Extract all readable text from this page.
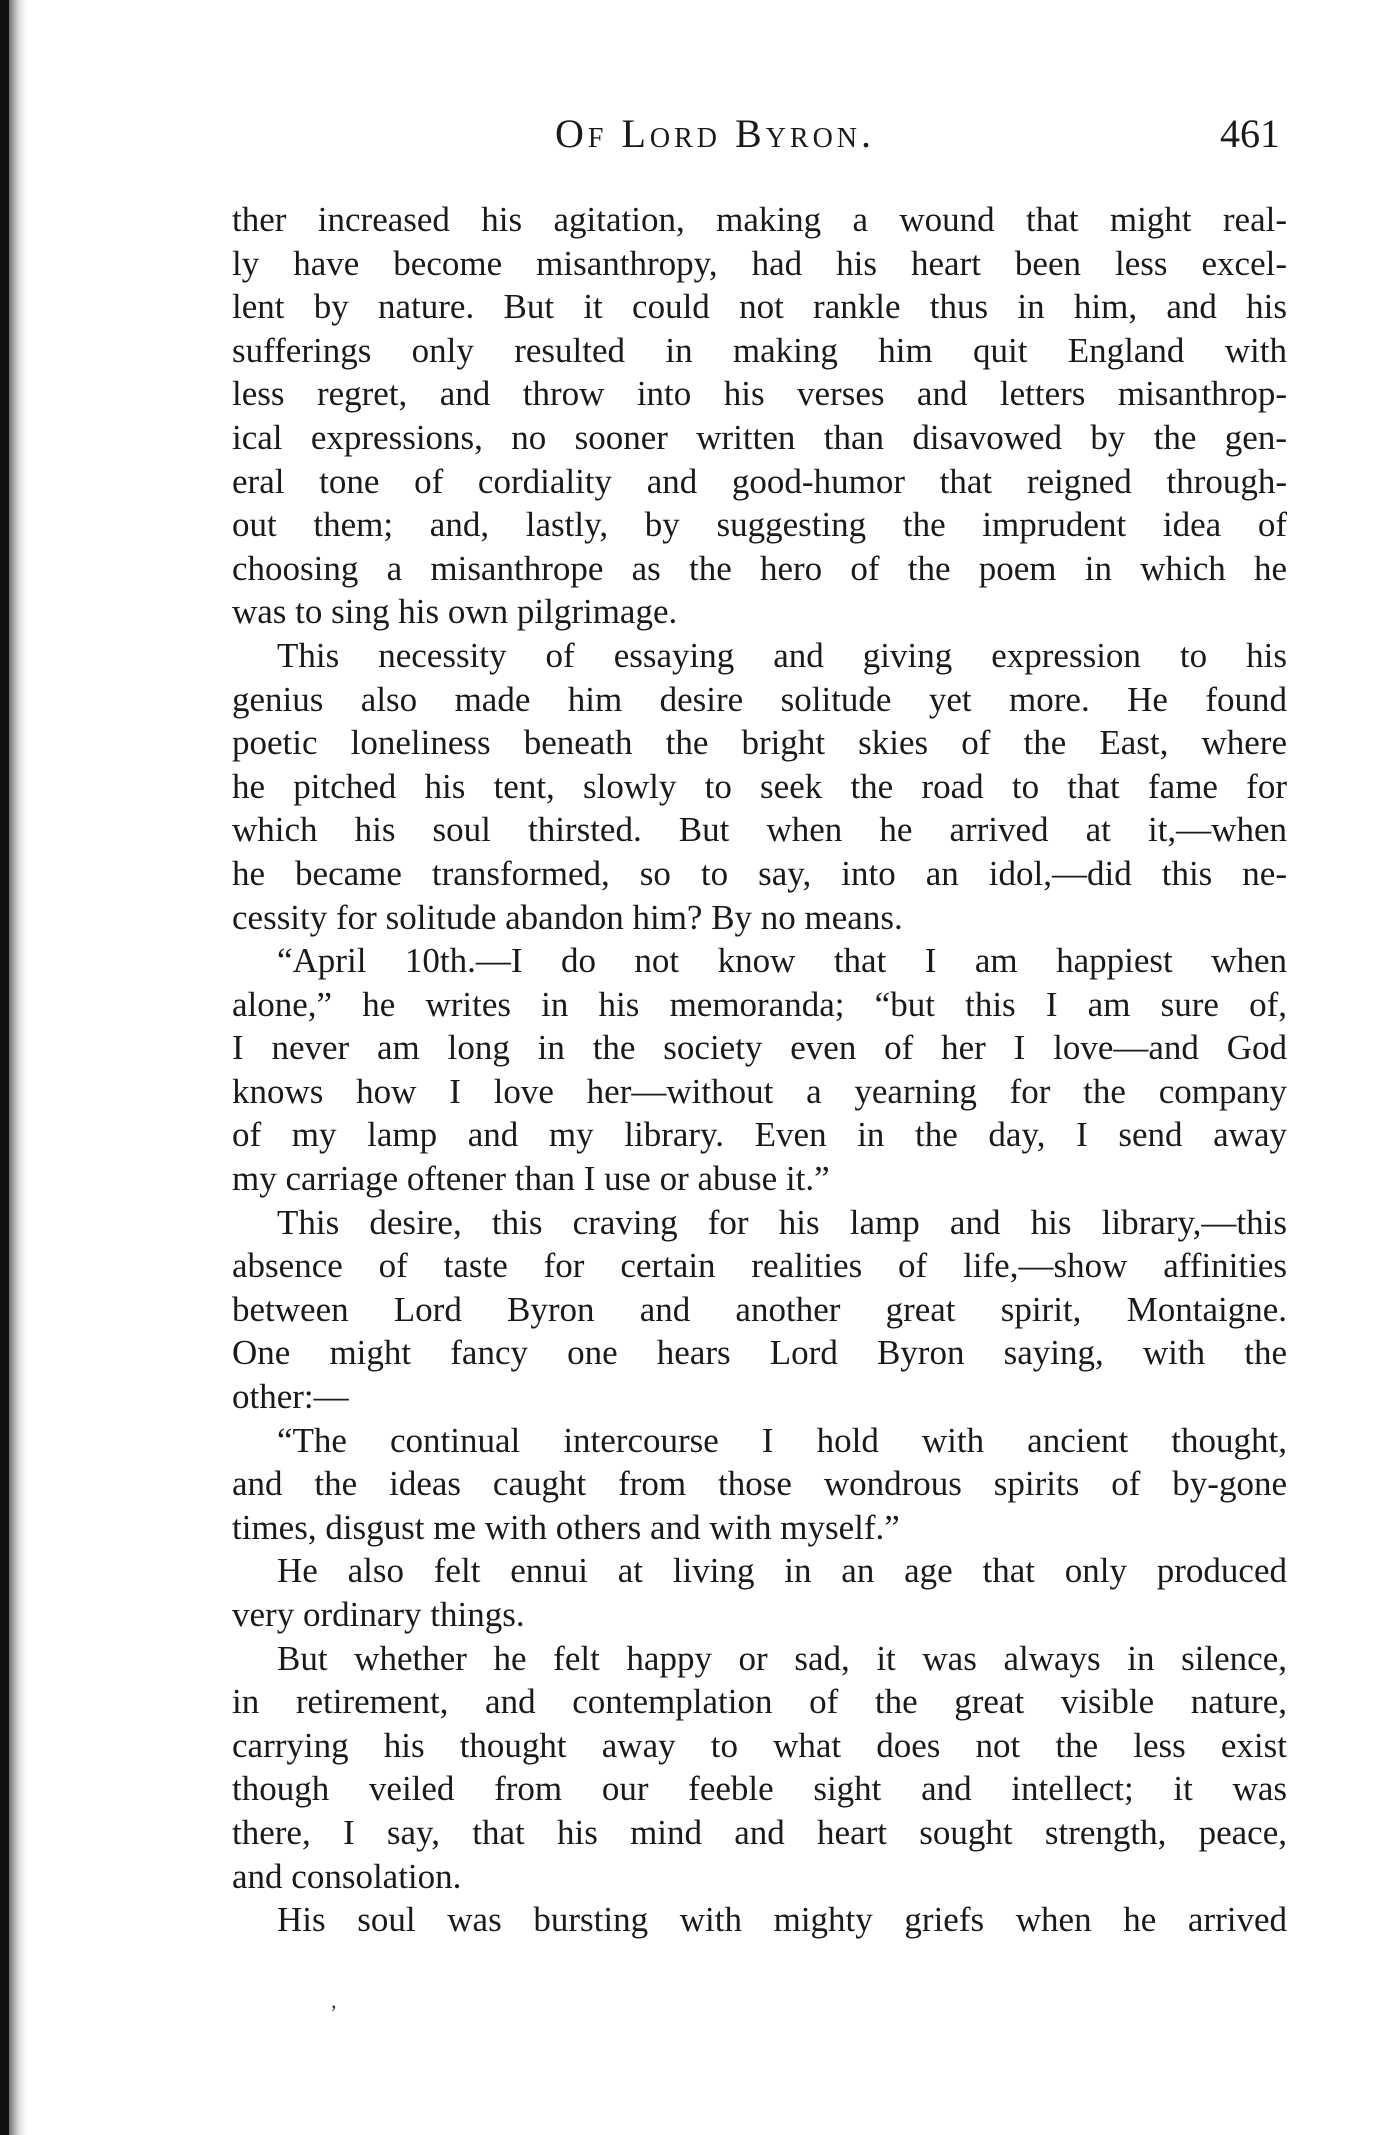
Of Lord Byron.	461
ther increased his agitation, making a wound that might real-
ly have become misanthropy, had his heart been less excel-
lent by nature. But it could not rankle thus in him, and his
sufferings only resulted in making him quit England with
less regret, and throw into his verses and letters misanthrop-
ical expressions, no sooner written than disavowed by the gen-
eral tone of cordiality and good-humor that reigned through-
out them; and, lastly, by suggesting the imprudent idea of
choosing a misanthrope as the hero of the poem in which he
was to sing his own pilgrimage.
This necessity of essaying and giving expression to his
genius also made him desire solitude yet more. He found
poetic loneliness beneath the bright skies of the East, where
he pitched his tent, slowly to seek the road to that fame for
which his soul thirsted. But when he arrived at it,—when
he became transformed, so to say, into an idol,—did this ne-
cessity for solitude abandon him? By no means.
“April 10th.—I do not know that I am happiest when
alone,” he writes in his memoranda; “but this I am sure of,
I never am long in the society even of her I love—and God
knows how I love her—without a yearning for the company
of my lamp and my library. Even in the day, I send away
my carriage oftener than I use or abuse it.”
This desire, this craving for his lamp and his library,—this
absence of taste for certain realities of life,—show affinities
between Lord Byron and another great spirit, Montaigne.
One might fancy one hears Lord Byron saying, with the
other:—
“The continual intercourse I hold with ancient thought,
and the ideas caught from those wondrous spirits of by-gone
times, disgust me with others and with myself.”
He also felt ennui at living in an age that only produced
very ordinary things.
But whether he felt happy or sad, it was always in silence,
in retirement, and contemplation of the great visible nature,
carrying his thought away to what does not the less exist
though veiled from our feeble sight and intellect; it was
there, I say, that his mind and heart sought strength, peace,
and consolation.
His soul was bursting with mighty griefs when he arrived
‚
